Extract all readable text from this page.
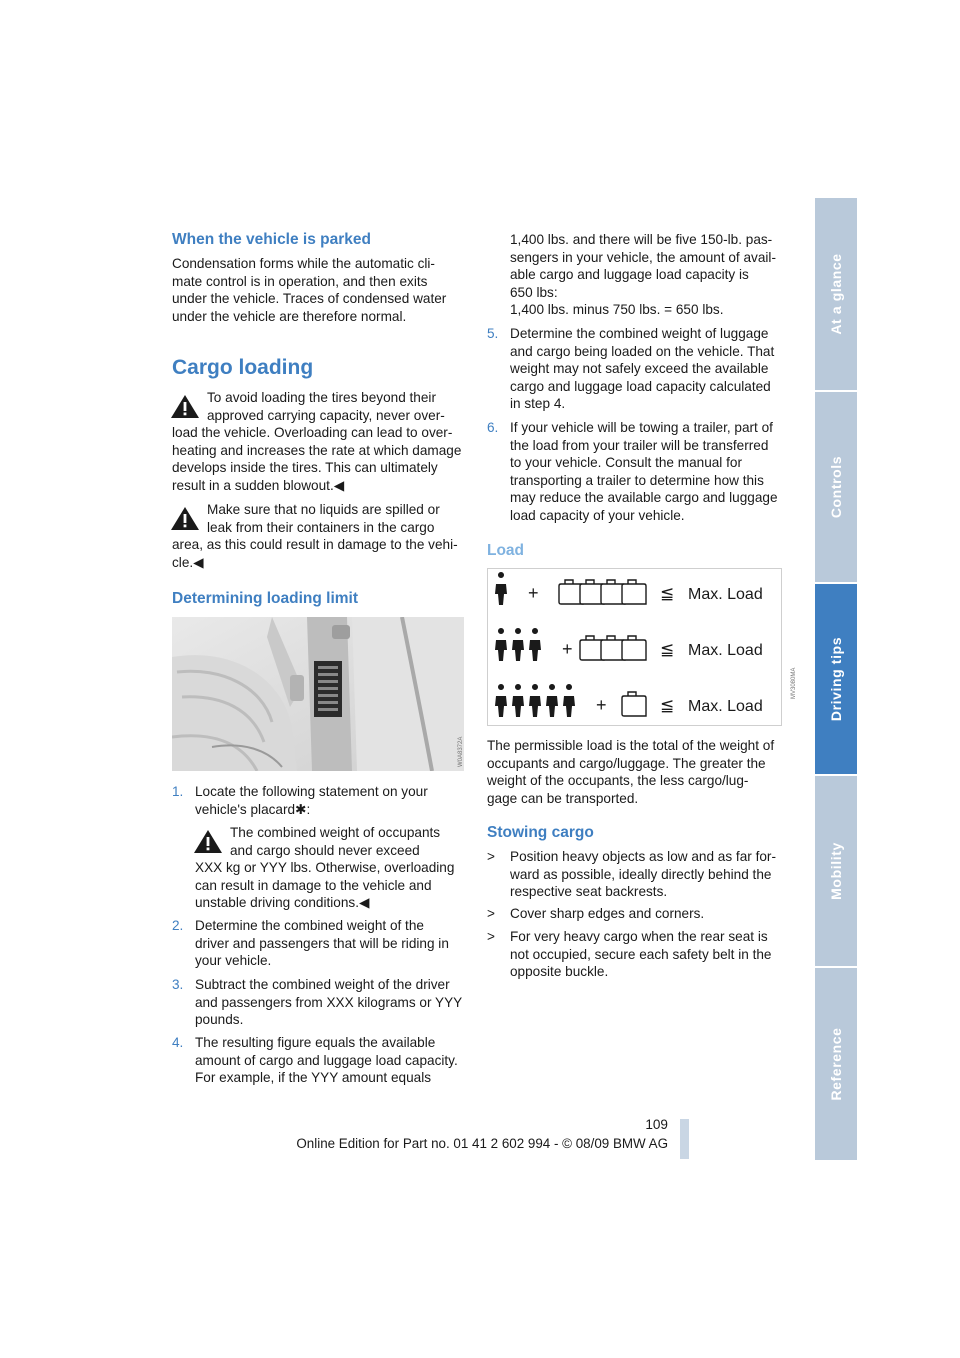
At a glance
Controls
Driving tips
Mobility
Reference
When the vehicle is parked

Condensation forms while the automatic cli-

mate control is in operation, and then exits

under the vehicle. Traces of condensed water

under the vehicle are therefore normal.

Cargo loading

To avoid loading the tires beyond their

approved carrying capacity, never over-

load the vehicle. Overloading can lead to over-

heating and increases the rate at which damage

develops inside the tires. This can ultimately

result in a sudden blowout.◀

Make sure that no liquids are spilled or

leak from their containers in the cargo

area, as this could result in damage to the vehi-

cle.◀

Determining loading limit
W0A8372A
1. Locate the following statement on your

vehicle's placard✱:

The combined weight of occupants

and cargo should never exceed

XXX kg or YYY lbs. Otherwise, overloading

can result in damage to the vehicle and

unstable driving conditions.◀

2. Determine the combined weight of the

driver and passengers that will be riding in

your vehicle.

3. Subtract the combined weight of the driver

and passengers from XXX kilograms or YYY

pounds.

4. The resulting figure equals the available

amount of cargo and luggage load capacity.

For example, if the YYY amount equals

1,400 lbs. and there will be five 150-lb. pas-

sengers in your vehicle, the amount of avail-

able cargo and luggage load capacity is

650 lbs:

1,400 lbs. minus 750 lbs. = 650 lbs.

5. Determine the combined weight of luggage

and cargo being loaded on the vehicle. That

weight may not safely exceed the available

cargo and luggage load capacity calculated

in step 4.

6. If your vehicle will be towing a trailer, part of

the load from your trailer will be transferred

to your vehicle. Consult the manual for

transporting a trailer to determine how this

may reduce the available cargo and luggage

load capacity of your vehicle.

Load
+	≦ Max. Load
+	≦ Max. Load
+	≦ Max. Load
MV3080MA

The permissible load is the total of the weight of

occupants and cargo/luggage. The greater the

weight of the occupants, the less cargo/lug-

gage can be transported.

Stowing cargo
> Position heavy objects as low and as far for-

ward as possible, ideally directly behind the

respective seat backrests.

> Cover sharp edges and corners.

> For very heavy cargo when the rear seat is

not occupied, secure each safety belt in the

opposite buckle.

109
Online Edition for Part no. 01 41 2 602 994 - © 08/09 BMW AG
